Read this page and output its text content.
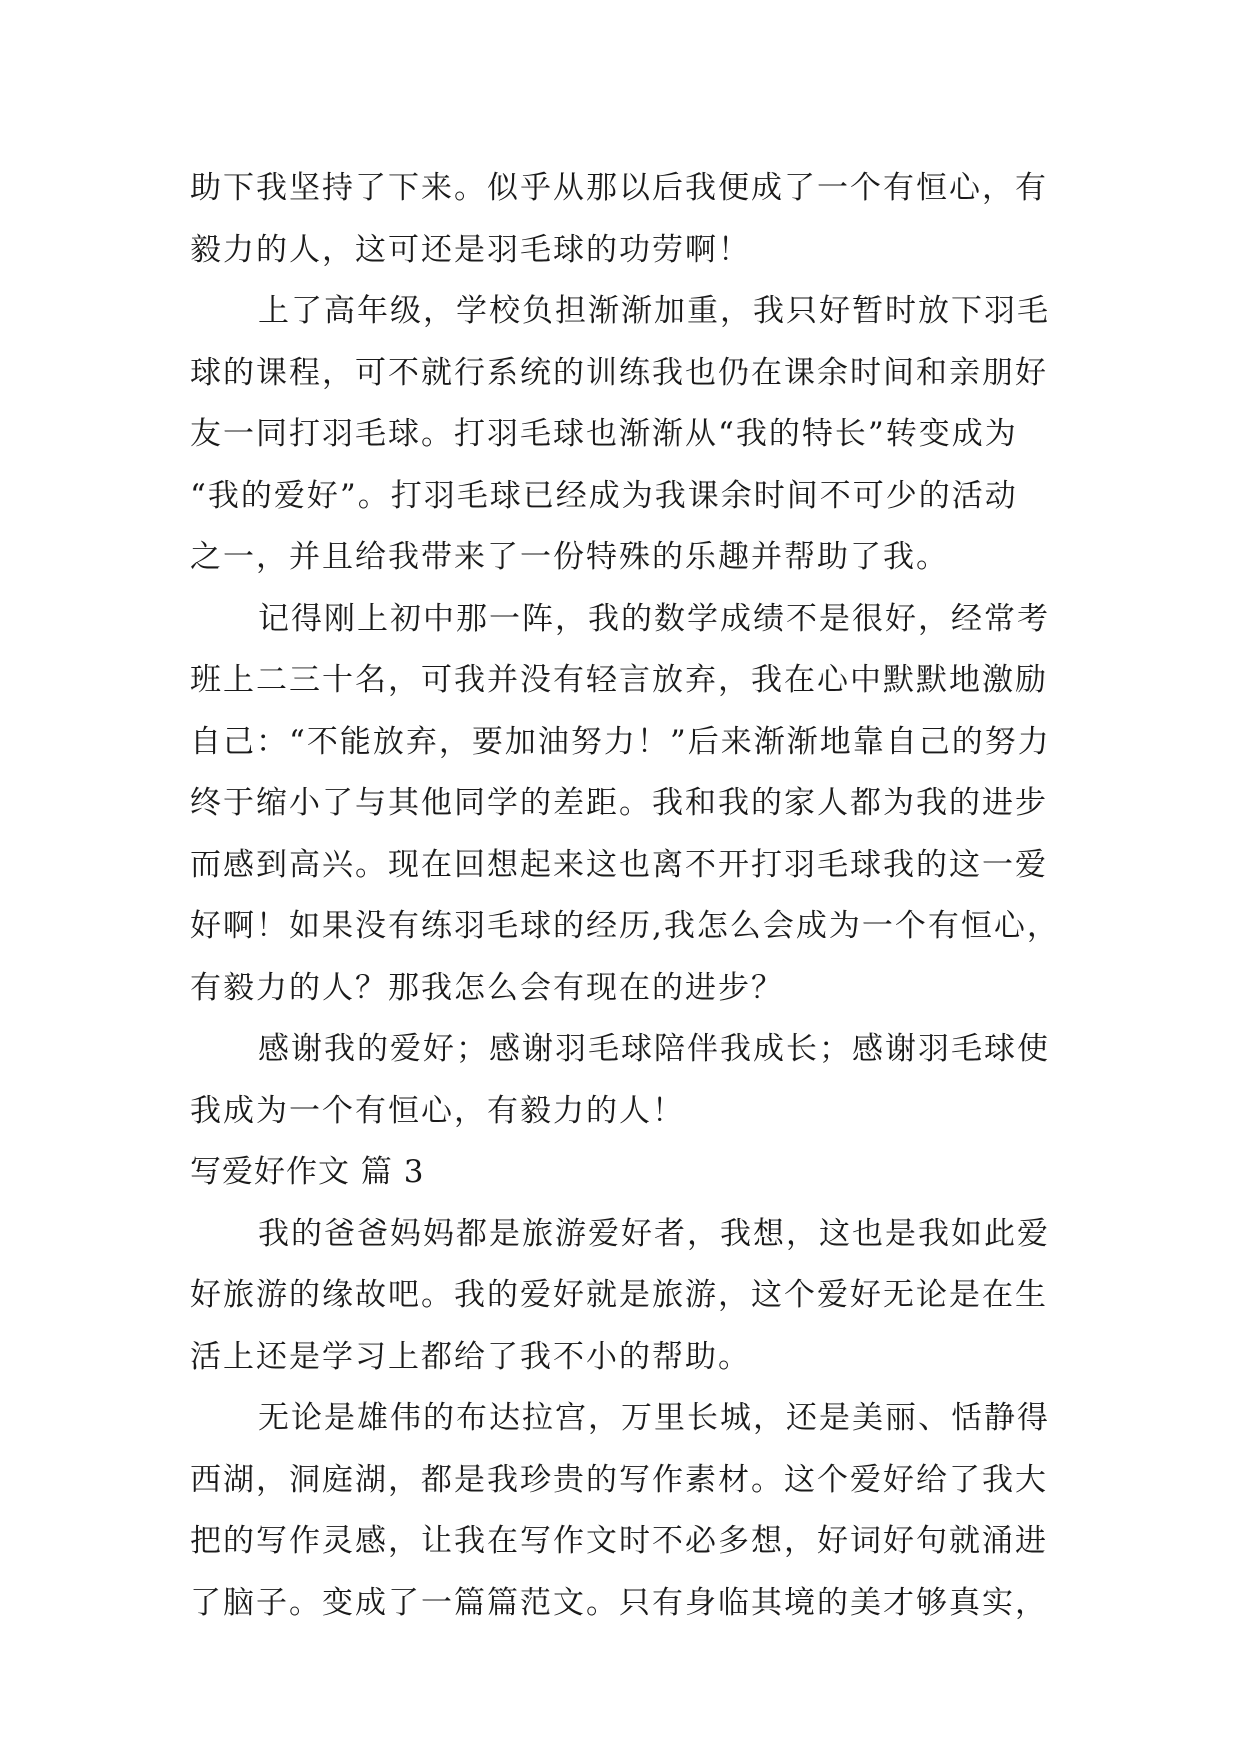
助下我坚持了下来。似乎从那以后我便成了一个有恒心，有
毅力的人，这可还是羽毛球的功劳啊！
上了高年级，学校负担渐渐加重，我只好暂时放下羽毛
球的课程，可不就行系统的训练我也仍在课余时间和亲朋好
友一同打羽毛球。打羽毛球也渐渐从“我的特长”转变成为
“我的爱好”。打羽毛球已经成为我课余时间不可少的活动
之一，并且给我带来了一份特殊的乐趣并帮助了我。
记得刚上初中那一阵，我的数学成绩不是很好，经常考
班上二三十名，可我并没有轻言放弃，我在心中默默地激励
自己：“不能放弃，要加油努力！”后来渐渐地靠自己的努力
终于缩小了与其他同学的差距。我和我的家人都为我的进步
而感到高兴。现在回想起来这也离不开打羽毛球我的这一爱
好啊！如果没有练羽毛球的经历,我怎么会成为一个有恒心，
有毅力的人？那我怎么会有现在的进步？
感谢我的爱好；感谢羽毛球陪伴我成长；感谢羽毛球使
我成为一个有恒心，有毅力的人！
写爱好作文 篇 3
我的爸爸妈妈都是旅游爱好者，我想，这也是我如此爱
好旅游的缘故吧。我的爱好就是旅游，这个爱好无论是在生
活上还是学习上都给了我不小的帮助。
无论是雄伟的布达拉宫，万里长城，还是美丽、恬静得
西湖，洞庭湖，都是我珍贵的写作素材。这个爱好给了我大
把的写作灵感，让我在写作文时不必多想，好词好句就涌进
了脑子。变成了一篇篇范文。只有身临其境的美才够真实，
